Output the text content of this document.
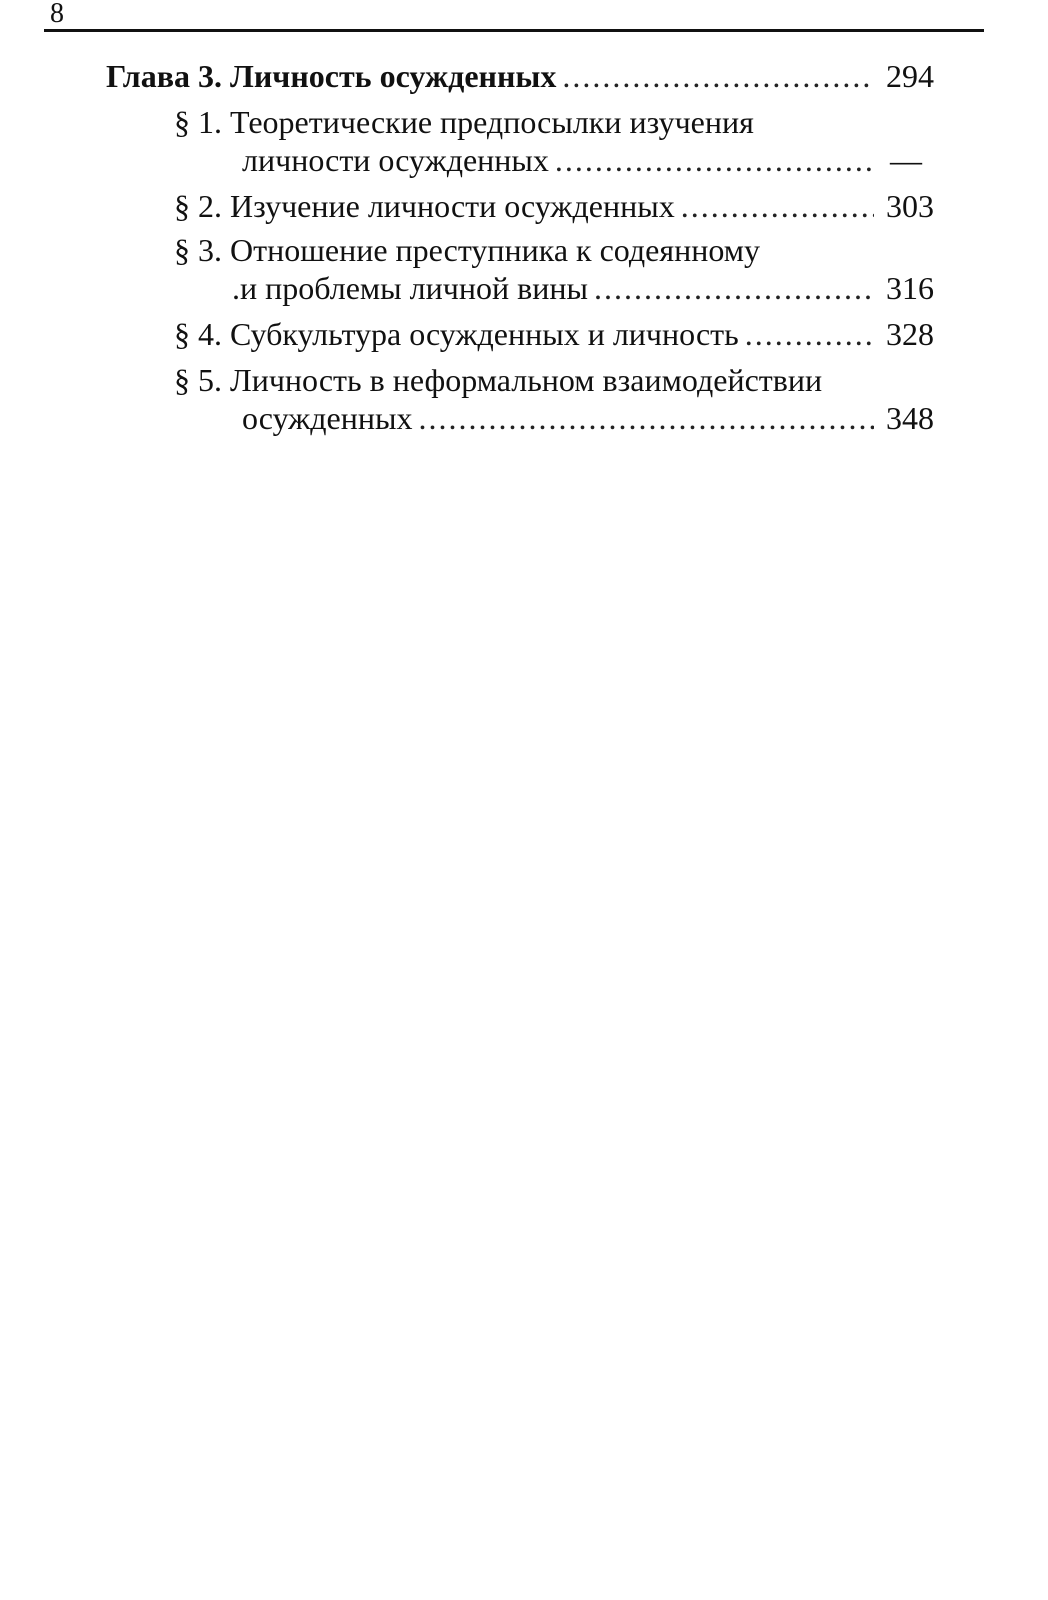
8
Глава 3. Личность осужденных . . .	294
§ 1. Теоретические предпосылки изучения
личности осужденных . . .	—
§ 2. Изучение личности осужденных . . .	303
§ 3. Отношение преступника к содеянному
.и проблемы личной вины . . .	316
§ 4. Субкультура осужденных и личность . . .	328
§ 5. Личность в неформальном взаимодействии
осужденных . . .	348
